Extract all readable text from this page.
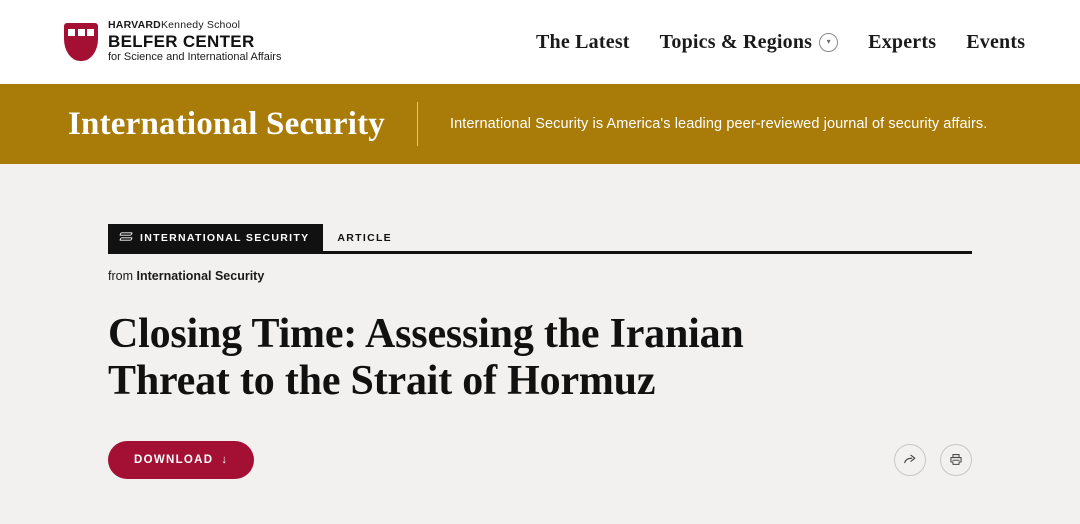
HARVARDKennedy School
BELFER CENTER
for Science and International Affairs
The Latest Topics & Regions	▾	Experts Events
International Security	International Security is America's leading peer-reviewed journal of security affairs.
INTERNATIONAL SECURITY	ARTICLE
from International Security
Closing Time: Assessing the Iranian Threat to the Strait of Hormuz
DOWNLOAD ↓
